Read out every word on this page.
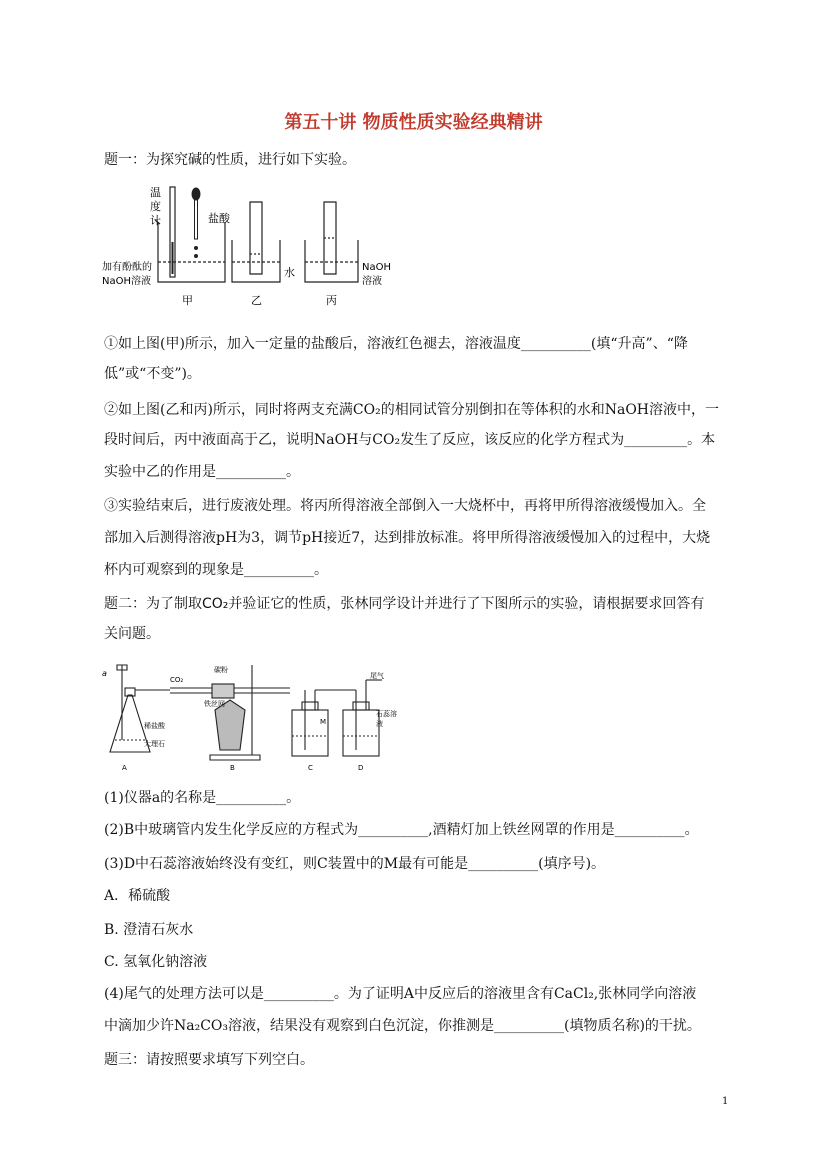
第五十讲 物质性质实验经典精讲
题一：为探究碱的性质，进行如下实验。
温
度
计	盐酸
加有酚酞的
NaOH溶液
甲
水
乙
NaOH
溶液
丙
①如上图(甲)所示，加入一定量的盐酸后，溶液红色褪去，溶液温度__________(填“升高”、“降
低”或“不变”)。
②如上图(乙和丙)所示，同时将两支充满CO₂的相同试管分别倒扣在等体积的水和NaOH溶液中，一
段时间后，丙中液面高于乙，说明NaOH与CO₂发生了反应，该反应的化学方程式为_________。本
实验中乙的作用是__________。
③实验结束后，进行废液处理。将丙所得溶液全部倒入一大烧杯中，再将甲所得溶液缓慢加入。全
部加入后测得溶液pH为3，调节pH接近7，达到排放标准。将甲所得溶液缓慢加入的过程中，大烧
杯内可观察到的现象是__________。
题二：为了制取CO₂并验证它的性质，张林同学设计并进行了下图所示的实验，请根据要求回答有
关问题。
a
稀盐酸
大理石
A
CO₂
碳粉
铁丝网
B
M
C
尾气
石蕊溶
液
D
(1)仪器a的名称是__________。
(2)B中玻璃管内发生化学反应的方程式为__________,酒精灯加上铁丝网罩的作用是__________。
(3)D中石蕊溶液始终没有变红，则C装置中的M最有可能是__________(填序号)。
A．稀硫酸
B. 澄清石灰水
C. 氢氧化钠溶液
(4)尾气的处理方法可以是__________。为了证明A中反应后的溶液里含有CaCl₂,张林同学向溶液
中滴加少许Na₂CO₃溶液，结果没有观察到白色沉淀，你推测是__________(填物质名称)的干扰。
题三：请按照要求填写下列空白。
1
